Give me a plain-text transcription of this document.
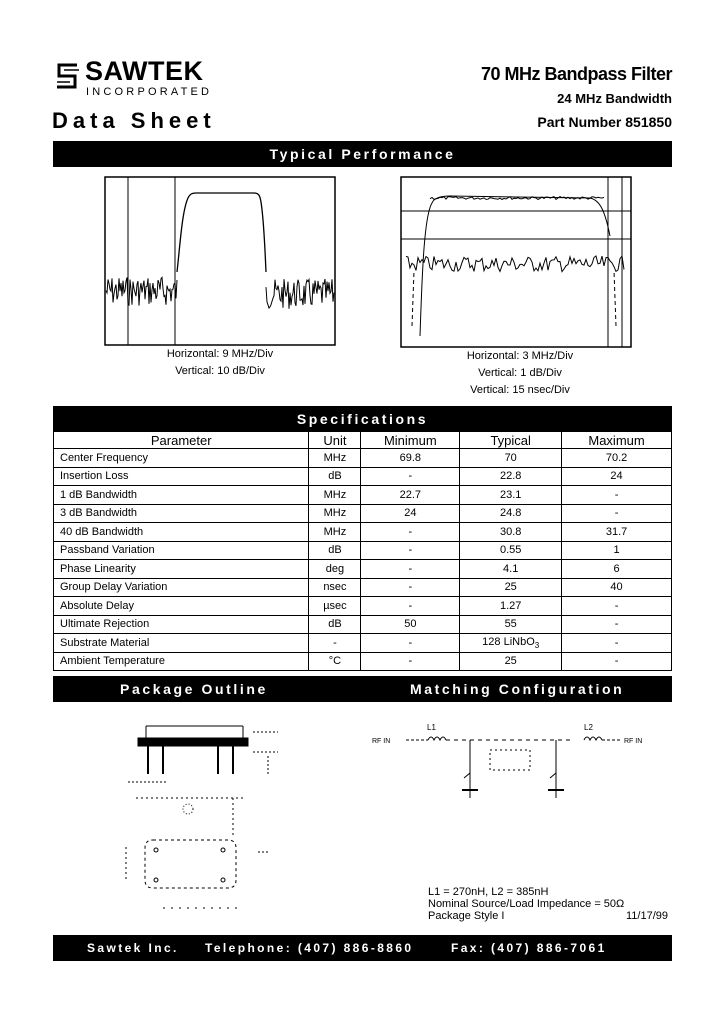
SAWTEK
INCORPORATED
Data Sheet
70 MHz Bandpass Filter
24 MHz Bandwidth
Part Number 851850
Typical Performance
Horizontal: 9 MHz/Div
Vertical: 10 dB/Div
Horizontal: 3 MHz/Div
Vertical: 1 dB/Div
Vertical: 15 nsec/Div
Specifications
Parameter	Unit	Minimum	Typical	Maximum
Center Frequency	MHz	69.8	70	70.2
Insertion Loss	dB	-	22.8	24
1 dB Bandwidth	MHz	22.7	23.1	-
3 dB Bandwidth	MHz	24	24.8	-
40 dB Bandwidth	MHz	-	30.8	31.7
Passband Variation	dB	-	0.55	1
Phase Linearity	deg	-	4.1	6
Group Delay Variation	nsec	-	25	40
Absolute Delay	µsec	-	1.27	-
Ultimate Rejection	dB	50	55	-
Substrate Material	-	-	128 LiNbO$_3$	-
Ambient Temperature	°C	-	25	-
Package Outline	Matching Configuration
L1	L2
RF IN	RF IN
L1 = 270nH, L2 = 385nH
Nominal Source/Load Impedance = 50Ω
Package Style I	11/17/99
Sawtek Inc. Telephone: (407) 886-8860	Fax: (407) 886-7061
